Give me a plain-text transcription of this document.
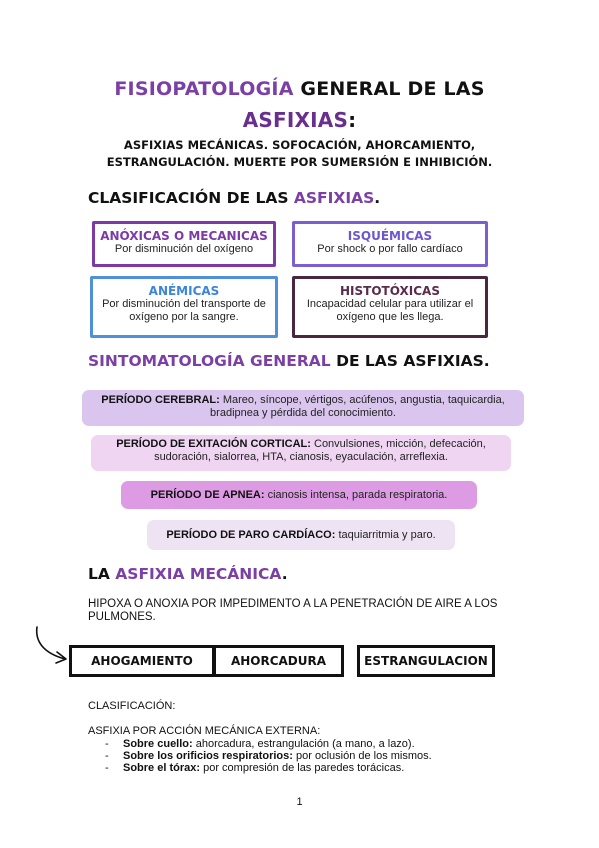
FISIOPATOLOGÍA GENERAL DE LAS
ASFIXIAS:
ASFIXIAS MECÁNICAS. SOFOCACIÓN, AHORCAMIENTO,
ESTRANGULACIÓN. MUERTE POR SUMERSIÓN E INHIBICIÓN.
CLASIFICACIÓN DE LAS ASFIXIAS.
ANÓXICAS O MECANICAS
Por disminución del oxígeno
ISQUÉMICAS
Por shock o por fallo cardíaco
ANÉMICAS
Por disminución del transporte de oxígeno por la sangre.
HISTOTÓXICAS
Incapacidad celular para utilizar el oxígeno que les llega.
SINTOMATOLOGÍA GENERAL DE LAS ASFIXIAS.
PERÍODO CEREBRAL: Mareo, síncope, vértigos, acúfenos, angustia, taquicardia, bradipnea y pérdida del conocimiento.
PERÍODO DE EXITACIÓN CORTICAL: Convulsiones, micción, defecación, sudoración, sialorrea, HTA, cianosis, eyaculación, arreflexia.
PERÍODO DE APNEA: cianosis intensa, parada respiratoria.
PERÍODO DE PARO CARDÍACO: taquiarritmia y paro.
LA ASFIXIA MECÁNICA.
HIPOXA O ANOXIA POR IMPEDIMENTO A LA PENETRACIÓN DE AIRE A LOS PULMONES.
AHOGAMIENTO	AHORCADURA	ESTRANGULACION
CLASIFICACIÓN:
ASFIXIA POR ACCIÓN MECÁNICA EXTERNA:
- Sobre cuello: ahorcadura, estrangulación (a mano, a lazo).
- Sobre los orificios respiratorios: por oclusión de los mismos.
- Sobre el tórax: por compresión de las paredes torácicas.
1
